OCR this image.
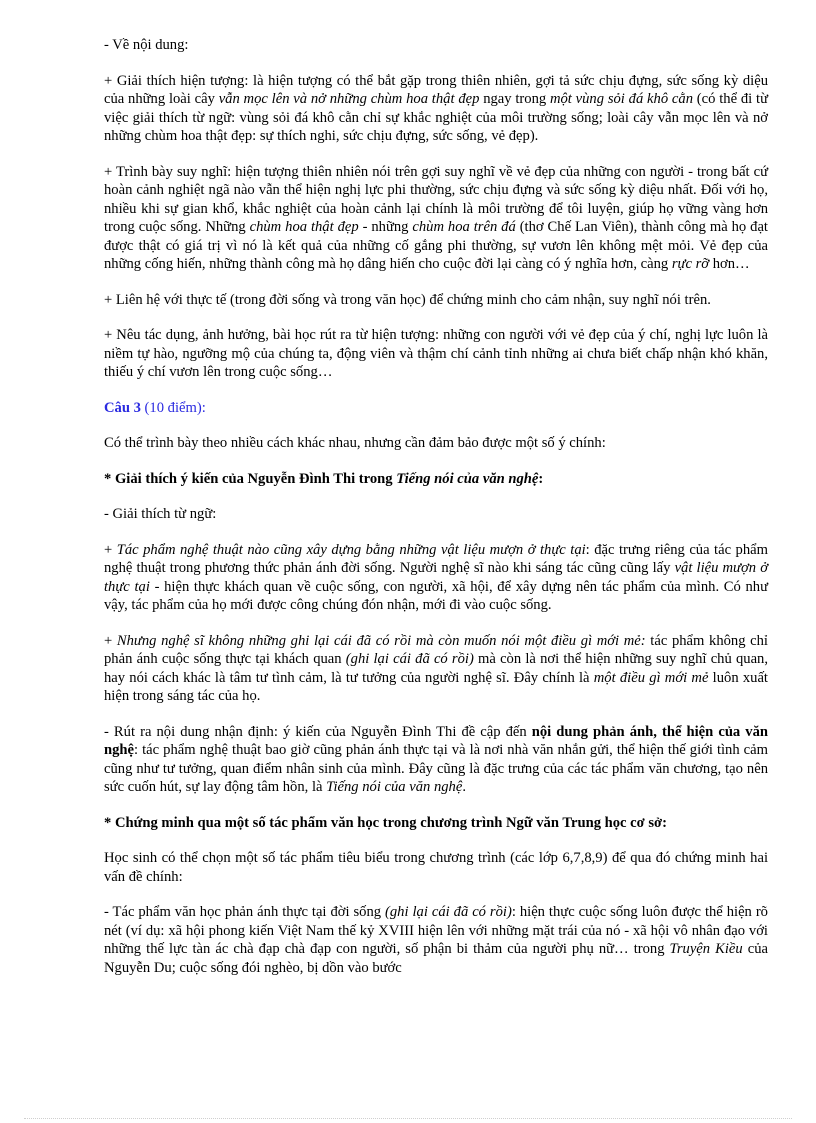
- Về nội dung:

+ Giải thích hiện tượng: là hiện tượng có thể bắt gặp trong thiên nhiên, gợi tả sức chịu đựng, sức sống kỳ diệu của những loài cây vẫn mọc lên và nở những chùm hoa thật đẹp ngay trong một vùng sỏi đá khô cằn (có thể đi từ việc giải thích từ ngữ: vùng sỏi đá khô cằn chỉ sự khắc nghiệt của môi trường sống; loài cây vẫn mọc lên và nở những chùm hoa thật đẹp: sự thích nghi, sức chịu đựng, sức sống, vẻ đẹp).

+ Trình bày suy nghĩ: hiện tượng thiên nhiên nói trên gợi suy nghĩ về vẻ đẹp của những con người - trong bất cứ hoàn cảnh nghiệt ngã nào vẫn thể hiện nghị lực phi thường, sức chịu đựng và sức sống kỳ diệu nhất. Đối với họ, nhiều khi sự gian khổ, khắc nghiệt của hoàn cảnh lại chính là môi trường để tôi luyện, giúp họ vững vàng hơn trong cuộc sống. Những chùm hoa thật đẹp - những chùm hoa trên đá (thơ Chế Lan Viên), thành công mà họ đạt được thật có giá trị vì nó là kết quả của những cố gắng phi thường, sự vươn lên không mệt mỏi. Vẻ đẹp của những cống hiến, những thành công mà họ dâng hiến cho cuộc đời lại càng có ý nghĩa hơn, càng rực rỡ hơn…

+ Liên hệ với thực tế (trong đời sống và trong văn học) để chứng minh cho cảm nhận, suy nghĩ nói trên.

+ Nêu tác dụng, ảnh hưởng, bài học rút ra từ hiện tượng: những con người với vẻ đẹp của ý chí, nghị lực luôn là niềm tự hào, ngưỡng mộ của chúng ta, động viên và thậm chí cảnh tỉnh những ai chưa biết chấp nhận khó khăn, thiếu ý chí vươn lên trong cuộc sống…

Câu 3 (10 điểm):

Có thể trình bày theo nhiều cách khác nhau, nhưng cần đảm bảo được một số ý chính:

* Giải thích ý kiến của Nguyễn Đình Thi trong Tiếng nói của văn nghệ:

- Giải thích từ ngữ:

+ Tác phẩm nghệ thuật nào cũng xây dựng bằng những vật liệu mượn ở thực tại: đặc trưng riêng của tác phẩm nghệ thuật trong phương thức phản ánh đời sống. Người nghệ sĩ nào khi sáng tác cũng cũng lấy vật liệu mượn ở thực tại - hiện thực khách quan về cuộc sống, con người, xã hội, để xây dựng nên tác phẩm của mình. Có như vậy, tác phẩm của họ mới được công chúng đón nhận, mới đi vào cuộc sống.

+ Nhưng nghệ sĩ không những ghi lại cái đã có rồi mà còn muốn nói một điều gì mới mẻ: tác phẩm không chỉ phản ánh cuộc sống thực tại khách quan (ghi lại cái đã có rồi) mà còn là nơi thể hiện những suy nghĩ chủ quan, hay nói cách khác là tâm tư tình cảm, là tư tưởng của người nghệ sĩ. Đây chính là một điều gì mới mẻ luôn xuất hiện trong sáng tác của họ.

- Rút ra nội dung nhận định: ý kiến của Nguyễn Đình Thi đề cập đến nội dung phản ánh, thể hiện của văn nghệ: tác phẩm nghệ thuật bao giờ cũng phản ánh thực tại và là nơi nhà văn nhắn gửi, thể hiện thế giới tình cảm cũng như tư tưởng, quan điểm nhân sinh của mình. Đây cũng là đặc trưng của các tác phẩm văn chương, tạo nên sức cuốn hút, sự lay động tâm hồn, là Tiếng nói của văn nghệ.

* Chứng minh qua một số tác phẩm văn học trong chương trình Ngữ văn Trung học cơ sở:

Học sinh có thể chọn một số tác phẩm tiêu biểu trong chương trình (các lớp 6,7,8,9) để qua đó chứng minh hai vấn đề chính:

- Tác phẩm văn học phản ánh thực tại đời sống (ghi lại cái đã có rồi): hiện thực cuộc sống luôn được thể hiện rõ nét (ví dụ: xã hội phong kiến Việt Nam thế kỷ XVIII hiện lên với những mặt trái của nó - xã hội vô nhân đạo với những thế lực tàn ác chà đạp chà đạp con người, số phận bi thảm của người phụ nữ… trong Truyện Kiều của Nguyễn Du; cuộc sống đói nghèo, bị dồn vào bước
